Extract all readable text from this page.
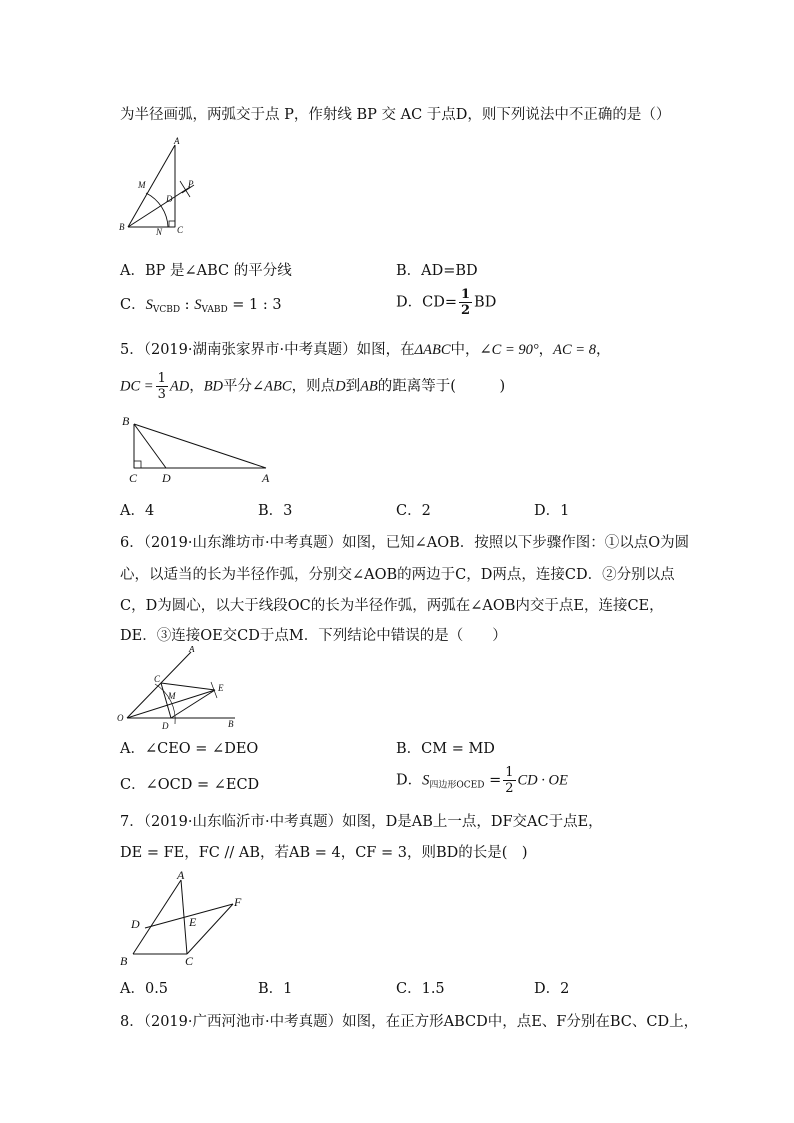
为半径画弧，两弧交于点 P，作射线 BP 交 AC 于点D，则下列说法中不正确的是（）
A
M	P
D
B	N C
A．BP 是∠ABC 的平分线	B．AD=BD
C．$S_{VCBD}$ : $S_{VABD} = 1$ : 3	D．$CD= \frac{1}{2}$ BD
5．（2019·湖南张家界市·中考真题）如图，在ΔABC中，∠C = 90°，AC = 8，
DC = $\frac{1}{3}$ AD，BD平分∠ABC，则点D到AB的距离等于(　　　)
B
C D	A
A．4	B．3	C．2	D．1
6．（2019·山东潍坊市·中考真题）如图，已知∠AOB．按照以下步骤作图：①以点O为圆
心，以适当的长为半径作弧，分别交∠AOB的两边于C，D两点，连接CD．②分别以点
C，D为圆心，以大于线段OC的长为半径作弧，两弧在∠AOB内交于点E，连接CE，
DE．③连接OE交CD于点M．下列结论中错误的是（　　）
A
C
M
E
O
D	B
A．∠CEO = ∠DEO	B．CM = MD
C．∠OCD = ∠ECD	D．$S_{四边形OCED} = \frac{1}{2}$ CD · OE
7．（2019·山东临沂市·中考真题）如图，D是AB上一点，DF交AC于点E，
DE = FE，FC // AB，若AB = 4，CF = 3，则BD的长是(　)
A
F
D	E
B	C
A．0.5	B．1	C．1.5	D．2
8．（2019·广西河池市·中考真题）如图，在正方形ABCD中，点E、F分别在BC、CD上，
